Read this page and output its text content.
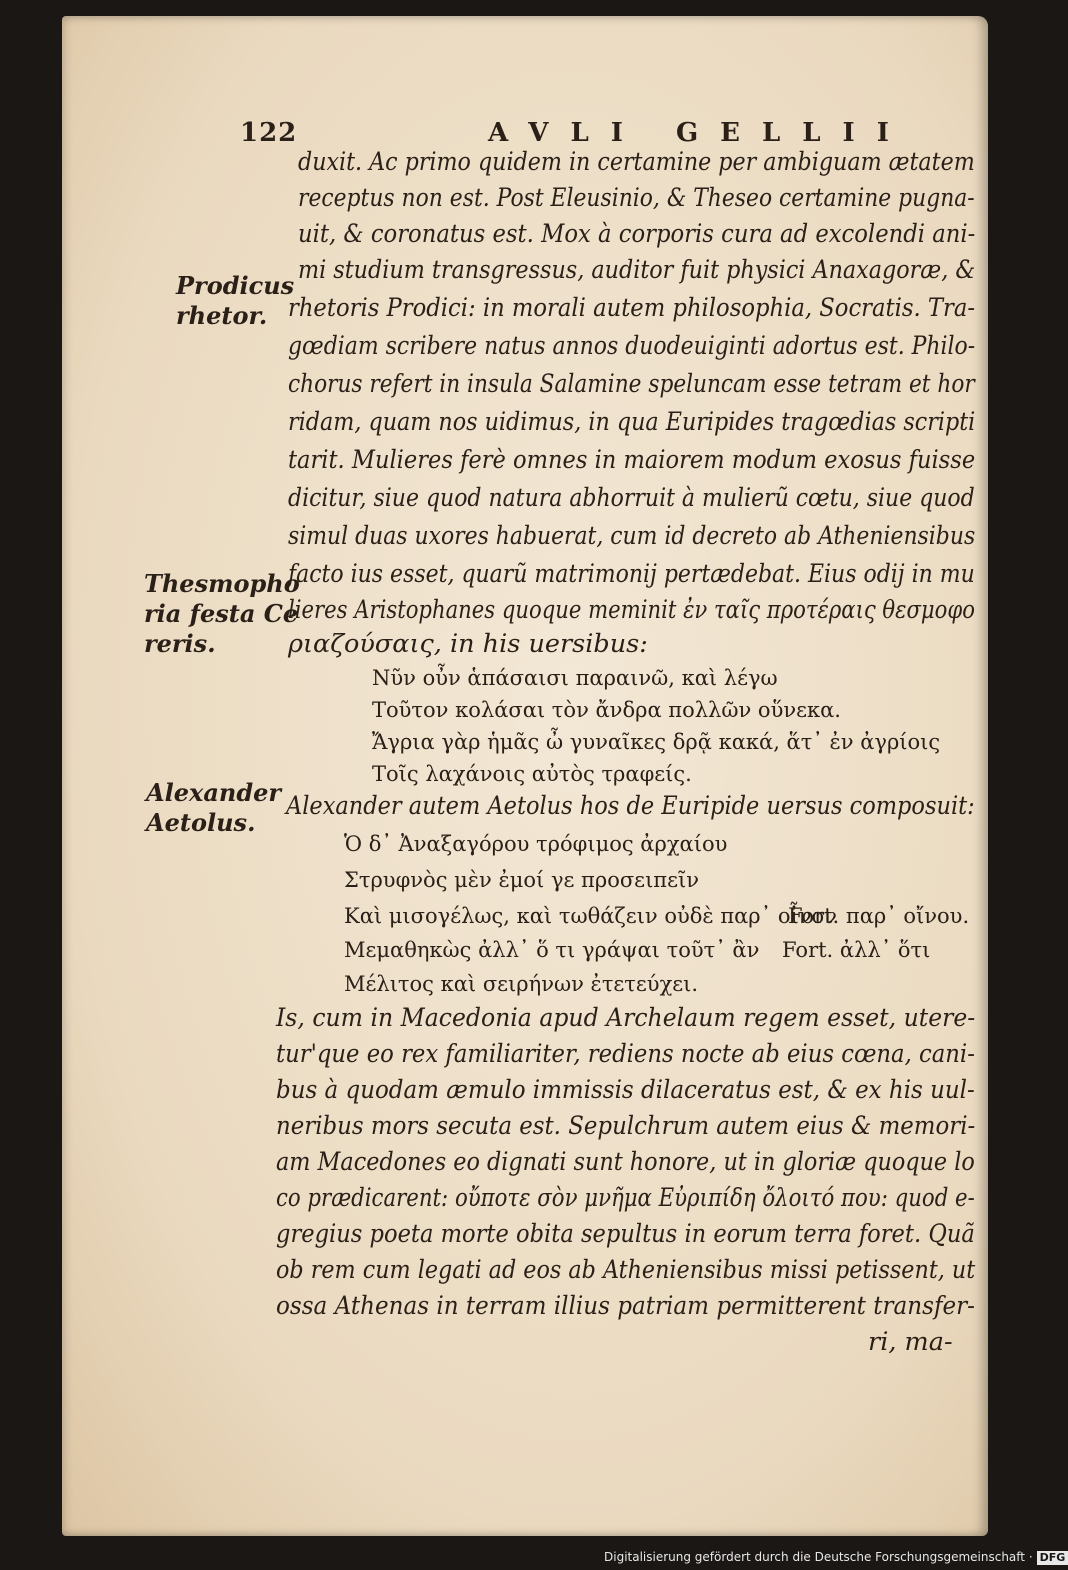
122	AVLI GELLII
Prodicus
rhetor.
Thesmopho
ria festa Ce
reris.
Alexander
Aetolus.
duxit. Ac primo quidem in certamine per ambiguam ætatem
receptus non est. Post Eleusinio, & Theseo certamine pugna-
uit, & coronatus est. Mox à corporis cura ad excolendi ani-
mi studium transgressus, auditor fuit physici Anaxagoræ, &
rhetoris Prodici: in morali autem philosophia, Socratis. Tra-
gœdiam scribere natus annos duodeuiginti adortus est. Philo-
chorus refert in insula Salamine speluncam esse tetram et hor
ridam, quam nos uidimus, in qua Euripides tragœdias scripti
tarit. Mulieres ferè omnes in maiorem modum exosus fuisse
dicitur, siue quod natura abhorruit à mulierũ cœtu, siue quod
simul duas uxores habuerat, cum id decreto ab Atheniensibus
facto ius esset, quarũ matrimonij pertædebat. Eius odij in mu
lieres Aristophanes quoque meminit ἐν ταῖς προτέραις θεσμοφο
ριαζούσαις, in his uersibus:
Νῦν οὖν ἁπάσαισι παραινῶ, καὶ λέγω
Τοῦτον κολάσαι τὸν ἄνδρα πολλῶν οὕνεκα.
Ἄγρια γὰρ ἡμᾶς ὦ γυναῖκες δρᾷ κακά, ἅτ᾽ ἐν ἀγρίοις
Τοῖς λαχάνοις αὐτὸς τραφείς.
Alexander autem Aetolus hos de Euripide uersus composuit:
Ὁ δ᾽ Ἀναξαγόρου τρόφιμος ἀρχαίου
Στρυφνὸς μὲν ἐμοί γε προσειπεῖν
Καὶ μισογέλως, καὶ τωθάζειν οὐδὲ παρ᾽ οἶνον
Μεμαθηκὼς ἀλλ᾽ ὅ τι γράψαι τοῦτ᾽ ἂν
Μέλιτος καὶ σειρήνων ἐτετεύχει.
Fort. παρ᾽ οἴνου.
Fort. ἀλλ᾽ ὅτι
Is, cum in Macedonia apud Archelaum regem esset, utere-
tur'que eo rex familiariter, rediens nocte ab eius cœna, cani-
bus à quodam æmulo immissis dilaceratus est, & ex his uul-
neribus mors secuta est. Sepulchrum autem eius & memori-
am Macedones eo dignati sunt honore, ut in gloriæ quoque lo
co prædicarent: οὔποτε σὸν μνῆμα Εὐριπίδη ὄλοιτό που: quod e-
gregius poeta morte obita sepultus in eorum terra foret. Quã
ob rem cum legati ad eos ab Atheniensibus missi petissent, ut
ossa Athenas in terram illius patriam permitterent transfer-
ri, ma-
Digitalisierung gefördert durch die Deutsche Forschungsgemeinschaft · DFG
